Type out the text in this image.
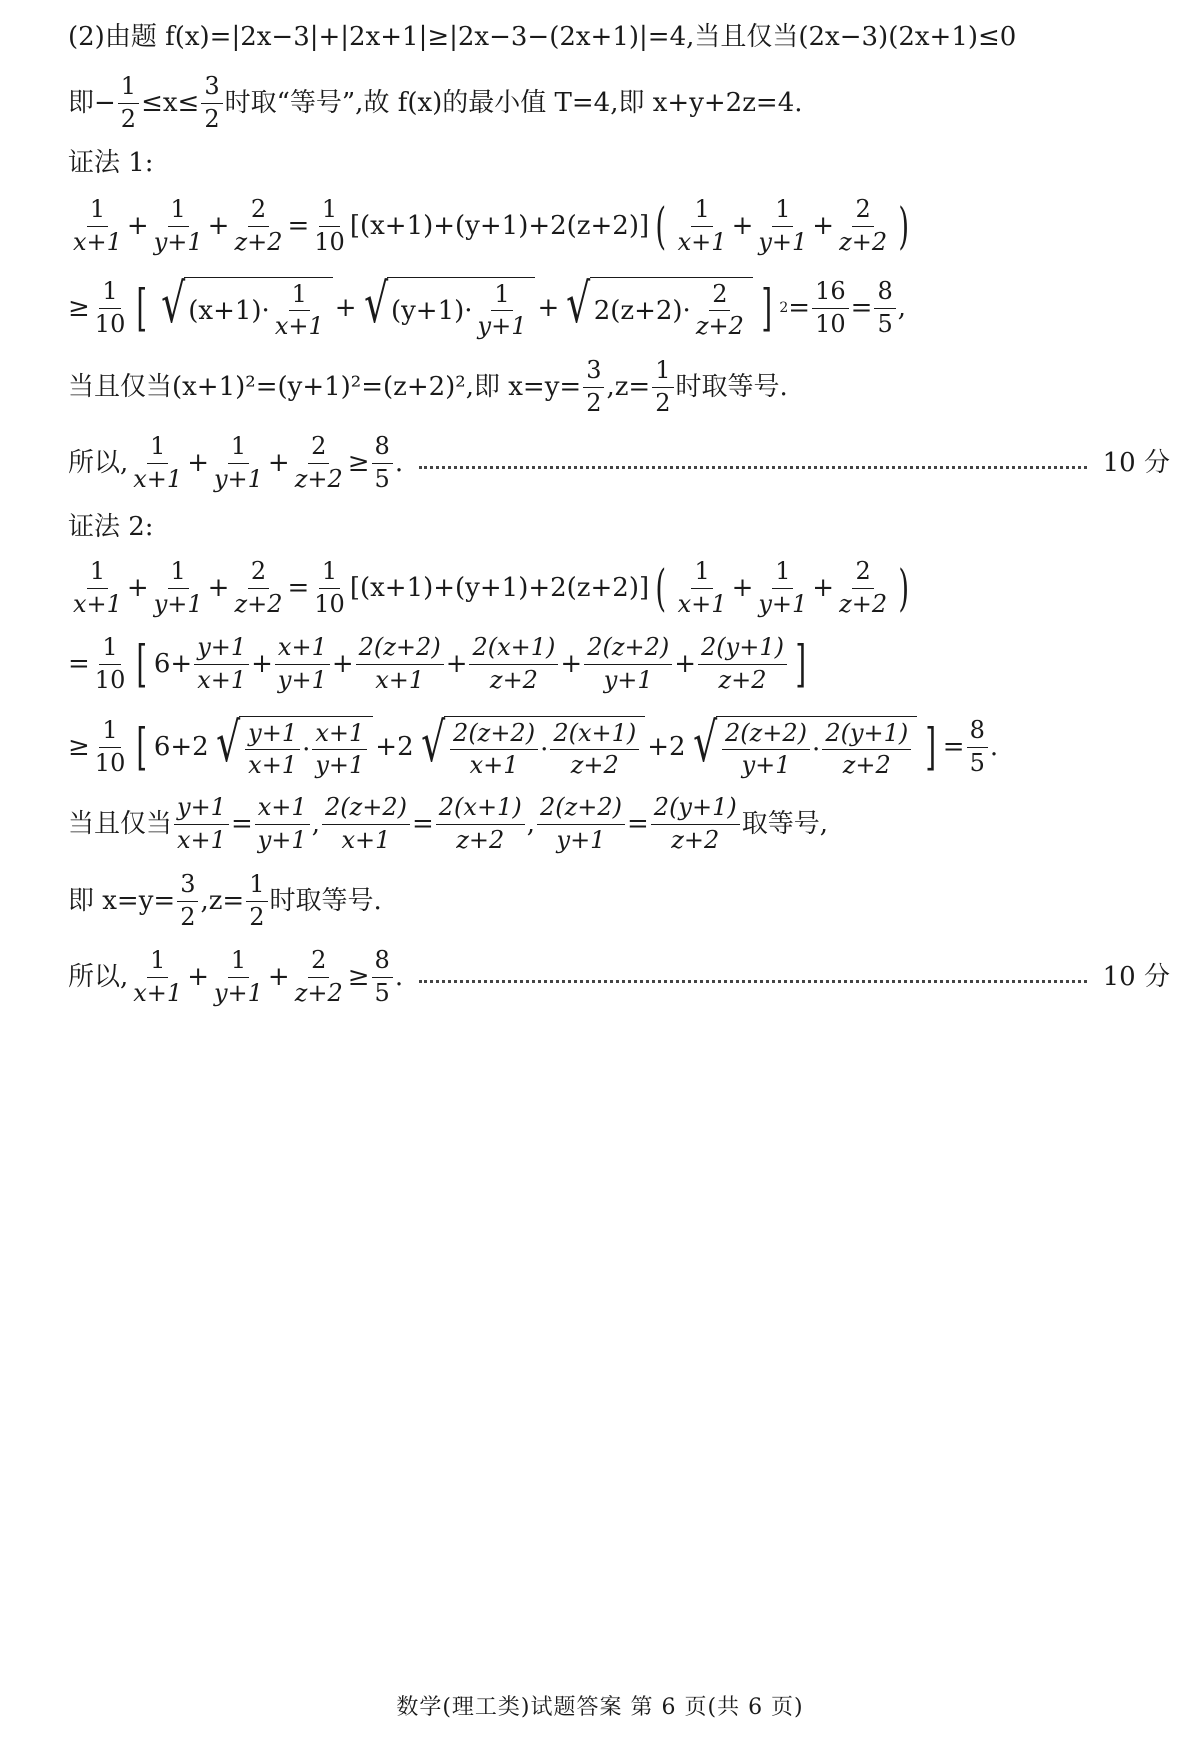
(2)由题 f(x)=|2x−3|+|2x+1|≥|2x−3−(2x+1)|=4,当且仅当(2x−3)(2x+1)≤0
即− $\frac{1}{2} \le x\le \frac{3}{2}$ 时取“等号”,故 f(x)的最小值 T=4,即 x+y+2z=4.
证法 1:
$\frac{1}{x+1} + \frac{1}{y+1} + \frac{2}{z+2} = \frac{1}{10} [(x+1)+(y+1)+2(z+2)]$ ( $\frac{1}{x+1} + \frac{1}{y+1} + \frac{2}{z+2}$ )
≥ $\frac{1}{10}$ [ √ $(x+1)\cdot \frac{1}{x+1}$ + √ $(y+1)\cdot \frac{1}{y+1}$ + √ $2(z+2)\cdot \frac{2}{z+2}$ ] $2 = \frac{16}{10} = \frac{8}{5}$ ,
当且仅当(x+1)²=(y+1)²=(z+2)²,即 $x=y= \frac{3}{2} ,z= \frac{1}{2}$ 时取等号.
所以, $\frac{1}{x+1} + \frac{1}{y+1} + \frac{2}{z+2} \ge \frac{8}{5}$ .	10 分
证法 2:
$\frac{1}{x+1} + \frac{1}{y+1} + \frac{2}{z+2} = \frac{1}{10} [(x+1)+(y+1)+2(z+2)]$ ( $\frac{1}{x+1} + \frac{1}{y+1} + \frac{2}{z+2}$ )
= $\frac{1}{10}$ [ $6+ \frac{y+1}{x+1} + \frac{x+1}{y+1} + \frac{2(z+2)}{x+1} + \frac{2(x+1)}{z+2} + \frac{2(z+2)}{y+1} + \frac{2(y+1)}{z+2}$ ]
≥ $\frac{1}{10}$ [ 6+2 √ $\frac{y+1}{x+1} \cdot \frac{x+1}{y+1} +2$ √ $\frac{2(z+2)}{x+1} \cdot \frac{2(x+1)}{z+2} +2$ √ $\frac{2(z+2)}{y+1} \cdot \frac{2(y+1)}{z+2}$ ] = $\frac{8}{5}$ .
当且仅当 $\frac{y+1}{x+1} = \frac{x+1}{y+1}$ , $\frac{2(z+2)}{x+1} = \frac{2(x+1)}{z+2}$ , $\frac{2(z+2)}{y+1} = \frac{2(y+1)}{z+2}$ 取等号,
即 $x=y= \frac{3}{2} ,z= \frac{1}{2}$ 时取等号.
所以, $\frac{1}{x+1} + \frac{1}{y+1} + \frac{2}{z+2} \ge \frac{8}{5}$ .	10 分
数学(理工类)试题答案 第 6 页(共 6 页)
